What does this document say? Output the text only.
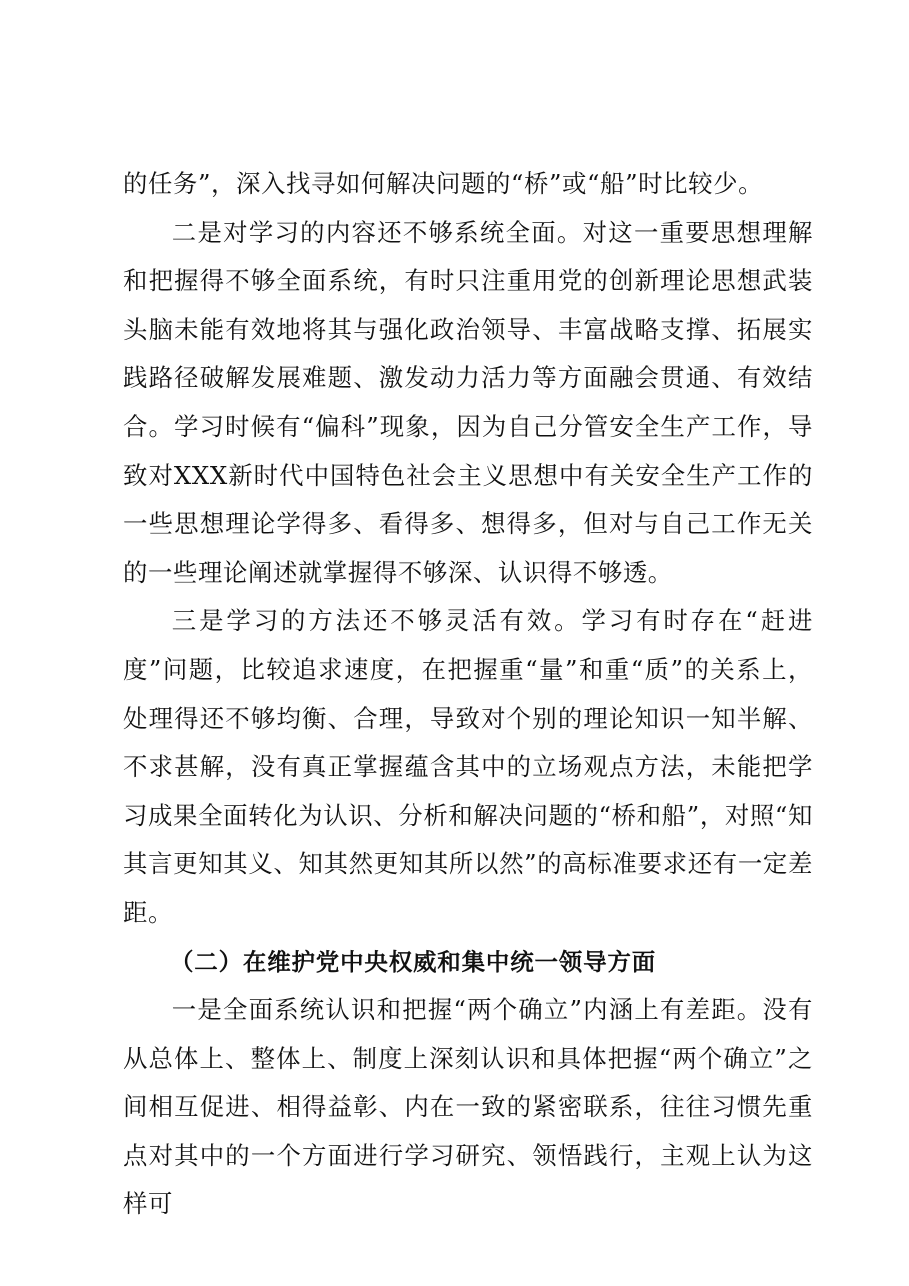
的任务”，深入找寻如何解决问题的“桥”或“船”时比较少。

二是对学习的内容还不够系统全面。对这一重要思想理解和把握得不够全面系统，有时只注重用党的创新理论思想武装头脑未能有效地将其与强化政治领导、丰富战略支撑、拓展实践路径破解发展难题、激发动力活力等方面融会贯通、有效结合。学习时候有“偏科”现象，因为自己分管安全生产工作，导致对XXX新时代中国特色社会主义思想中有关安全生产工作的一些思想理论学得多、看得多、想得多，但对与自己工作无关的一些理论阐述就掌握得不够深、认识得不够透。

三是学习的方法还不够灵活有效。学习有时存在“赶进度”问题，比较追求速度，在把握重“量”和重“质”的关系上，处理得还不够均衡、合理，导致对个别的理论知识一知半解、不求甚解，没有真正掌握蕴含其中的立场观点方法，未能把学习成果全面转化为认识、分析和解决问题的“桥和船”，对照“知其言更知其义、知其然更知其所以然”的高标准要求还有一定差距。

（二）在维护党中央权威和集中统一领导方面

一是全面系统认识和把握“两个确立”内涵上有差距。没有从总体上、整体上、制度上深刻认识和具体把握“两个确立”之间相互促进、相得益彰、内在一致的紧密联系，往往习惯先重点对其中的一个方面进行学习研究、领悟践行，主观上认为这样可
